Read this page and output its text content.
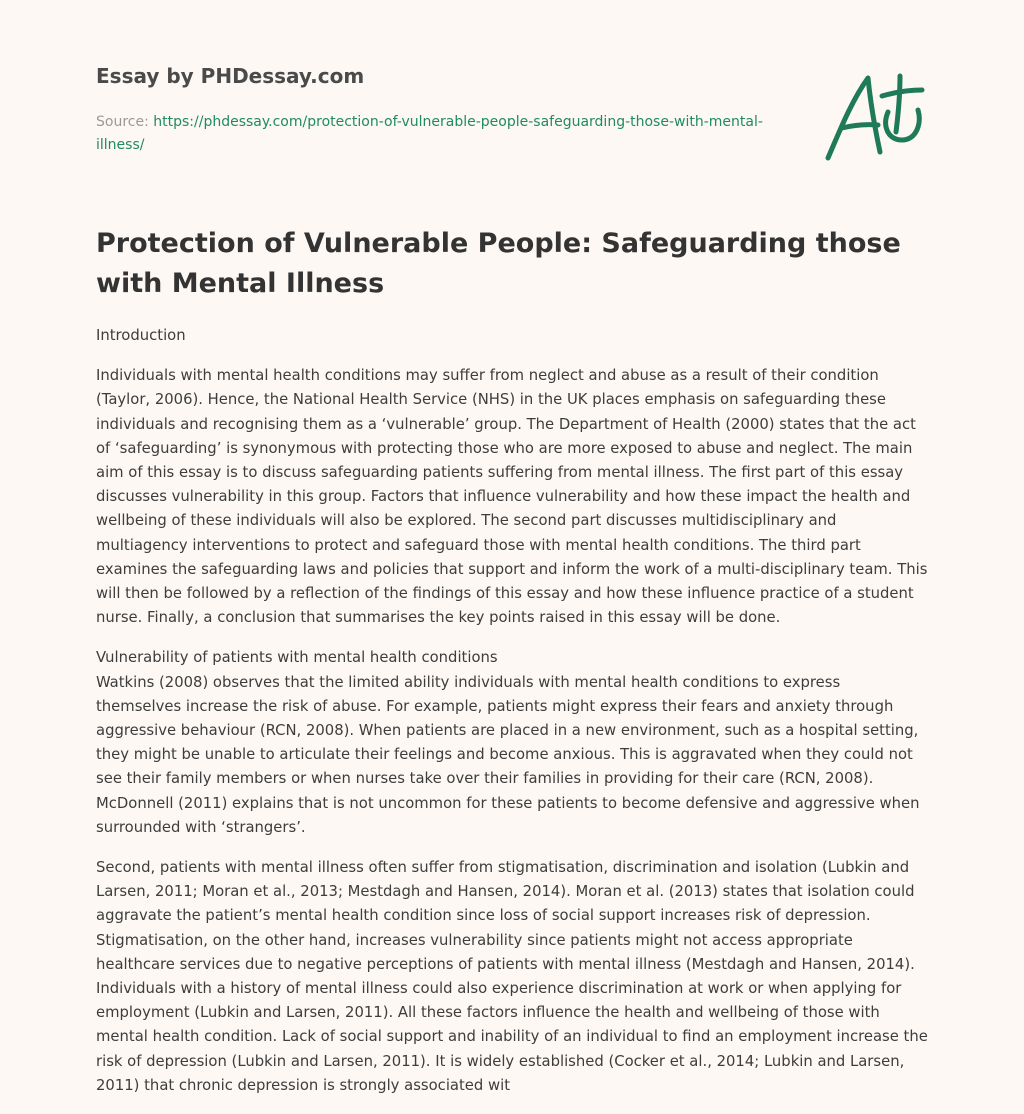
Essay by PHDessay.com
Source: https://phdessay.com/protection-of-vulnerable-people-safeguarding-those-with-mental-illness/
Protection of Vulnerable People: Safeguarding those with Mental Illness

Introduction

Individuals with mental health conditions may suffer from neglect and abuse as a result of their condition (Taylor, 2006). Hence, the National Health Service (NHS) in the UK places emphasis on safeguarding these individuals and recognising them as a ‘vulnerable’ group. The Department of Health (2000) states that the act of ‘safeguarding’ is synonymous with protecting those who are more exposed to abuse and neglect. The main aim of this essay is to discuss safeguarding patients suffering from mental illness. The first part of this essay discusses vulnerability in this group. Factors that influence vulnerability and how these impact the health and wellbeing of these individuals will also be explored. The second part discusses multidisciplinary and multiagency interventions to protect and safeguard those with mental health conditions. The third part examines the safeguarding laws and policies that support and inform the work of a multi-disciplinary team. This will then be followed by a reflection of the findings of this essay and how these influence practice of a student nurse. Finally, a conclusion that summarises the key points raised in this essay will be done.

Vulnerability of patients with mental health conditions
Watkins (2008) observes that the limited ability individuals with mental health conditions to express themselves increase the risk of abuse. For example, patients might express their fears and anxiety through aggressive behaviour (RCN, 2008). When patients are placed in a new environment, such as a hospital setting, they might be unable to articulate their feelings and become anxious. This is aggravated when they could not see their family members or when nurses take over their families in providing for their care (RCN, 2008). McDonnell (2011) explains that is not uncommon for these patients to become defensive and aggressive when surrounded with ‘strangers’.

Second, patients with mental illness often suffer from stigmatisation, discrimination and isolation (Lubkin and Larsen, 2011; Moran et al., 2013; Mestdagh and Hansen, 2014). Moran et al. (2013) states that isolation could aggravate the patient’s mental health condition since loss of social support increases risk of depression. Stigmatisation, on the other hand, increases vulnerability since patients might not access appropriate healthcare services due to negative perceptions of patients with mental illness (Mestdagh and Hansen, 2014). Individuals with a history of mental illness could also experience discrimination at work or when applying for employment (Lubkin and Larsen, 2011). All these factors influence the health and wellbeing of those with mental health condition. Lack of social support and inability of an individual to find an employment increase the risk of depression (Lubkin and Larsen, 2011). It is widely established (Cocker et al., 2014; Lubkin and Larsen, 2011) that chronic depression is strongly associated wit
